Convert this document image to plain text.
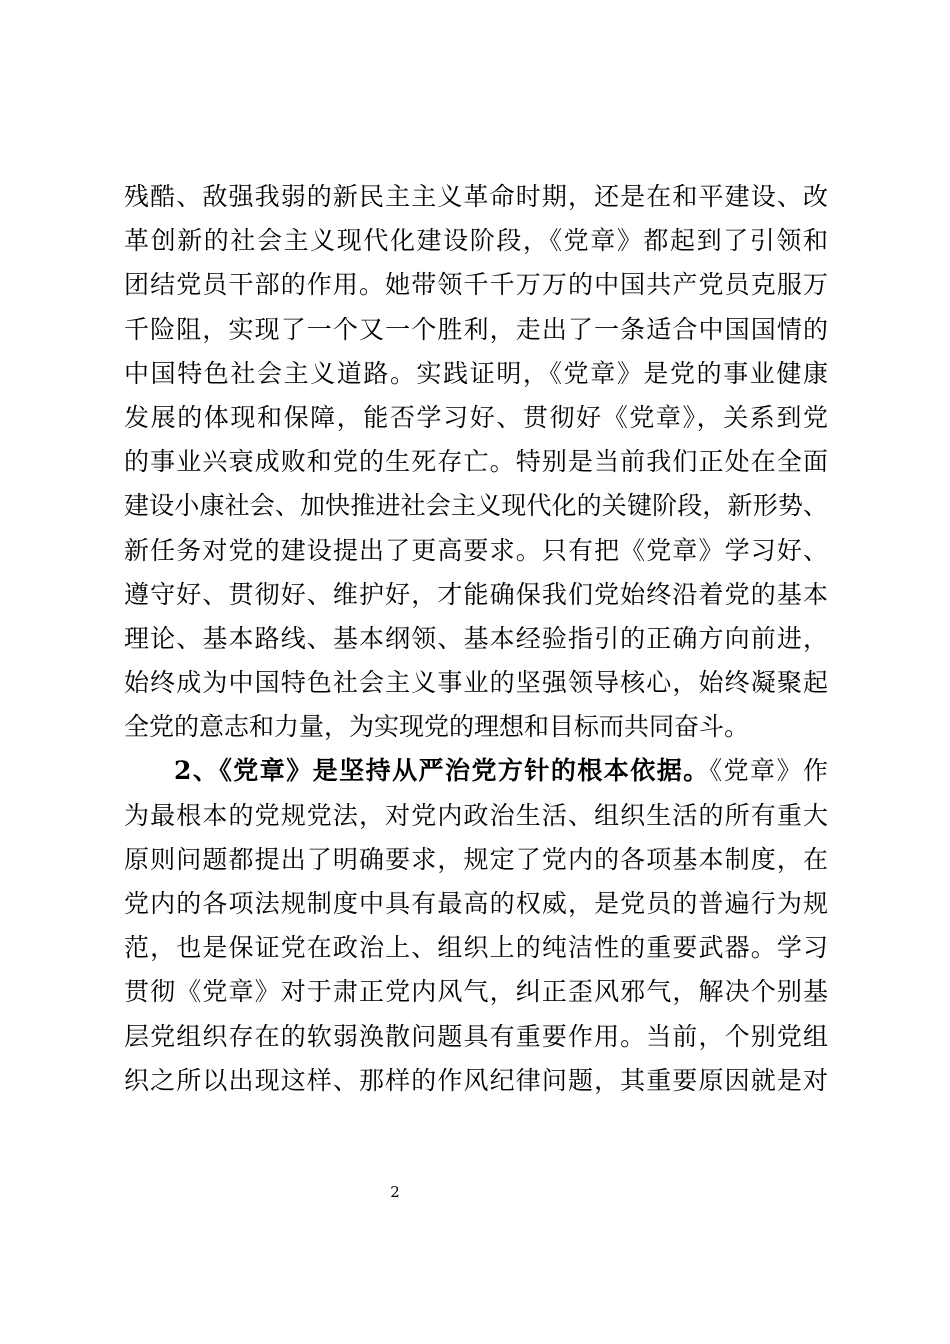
残酷、敌强我弱的新民主主义革命时期，还是在和平建设、改
革创新的社会主义现代化建设阶段，《党章》都起到了引领和
团结党员干部的作用。她带领千千万万的中国共产党员克服万
千险阻，实现了一个又一个胜利，走出了一条适合中国国情的
中国特色社会主义道路。实践证明，《党章》是党的事业健康
发展的体现和保障，能否学习好、贯彻好《党章》，关系到党
的事业兴衰成败和党的生死存亡。特别是当前我们正处在全面
建设小康社会、加快推进社会主义现代化的关键阶段，新形势、
新任务对党的建设提出了更高要求。只有把《党章》学习好、
遵守好、贯彻好、维护好，才能确保我们党始终沿着党的基本
理论、基本路线、基本纲领、基本经验指引的正确方向前进，
始终成为中国特色社会主义事业的坚强领导核心，始终凝聚起
全党的意志和力量，为实现党的理想和目标而共同奋斗。
2、《党章》是坚持从严治党方针的根本依据。《党章》作
为最根本的党规党法，对党内政治生活、组织生活的所有重大
原则问题都提出了明确要求，规定了党内的各项基本制度，在
党内的各项法规制度中具有最高的权威，是党员的普遍行为规
范，也是保证党在政治上、组织上的纯洁性的重要武器。学习
贯彻《党章》对于肃正党内风气，纠正歪风邪气，解决个别基
层党组织存在的软弱涣散问题具有重要作用。当前，个别党组
织之所以出现这样、那样的作风纪律问题，其重要原因就是对
2
